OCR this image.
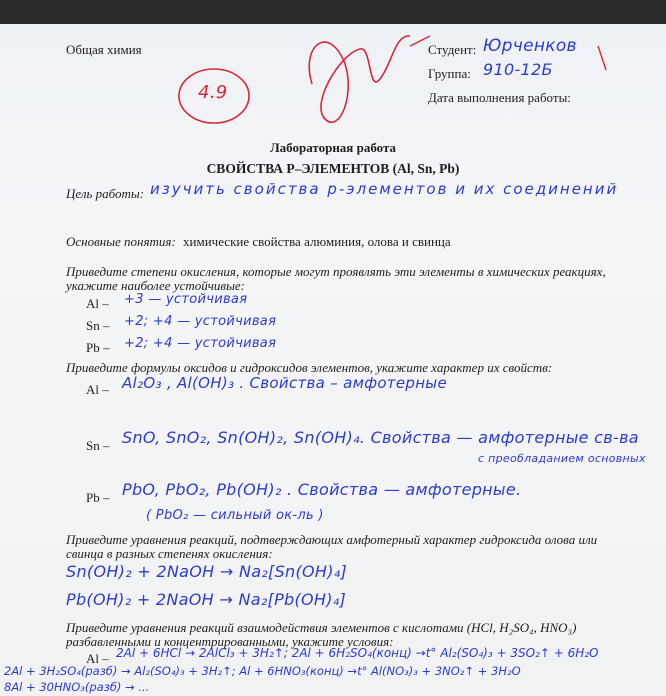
4.9
Общая химия	Студент: Юрченков
Группа: 910-12Б
Дата выполнения работы:
Лабораторная работа
СВОЙСТВА P–ЭЛЕМЕНТОВ (Al, Sn, Pb)
Цель работы: изучить свойства р-элементов и их соединений
Основные понятия: химические свойства алюминия, олова и свинца
Приведите степени окисления, которые могут проявлять эти элементы в химических реакциях,
укажите наиболее устойчивые:
Al – +3 — устойчивая
Sn – +2; +4 — устойчивая
Pb – +2; +4 — устойчивая
Приведите формулы оксидов и гидроксидов элементов, укажите характер их свойств:
Al – Al₂O₃ , Al(OH)₃ . Свойства – амфотерные
Sn – SnO, SnO₂, Sn(OH)₂, Sn(OH)₄. Свойства — амфотерные св-ва
с преобладанием основных
Pb – PbO, PbO₂, Pb(OH)₂ . Свойства — амфотерные.
( PbO₂ — сильный ок-ль )
Приведите уравнения реакций, подтверждающих амфотерный характер гидроксида олова или
свинца в разных степенях окисления:
Sn(OH)₂ + 2NaOH → Na₂[Sn(OH)₄]
Pb(OH)₂ + 2NaOH → Na₂[Pb(OH)₄]
Приведите уравнения реакций взаимодействия элементов с кислотами (HCl, H₂SO₄, HNO₃)
разбавленными и концентрированными, укажите условия:
Al – 2Al + 6HCl → 2AlCl₃ + 3H₂↑; 2Al + 6H₂SO₄(конц) →t° Al₂(SO₄)₃ + 3SO₂↑ + 6H₂O
2Al + 3H₂SO₄(разб) → Al₂(SO₄)₃ + 3H₂↑; Al + 6HNO₃(конц) →t° Al(NO₃)₃ + 3NO₂↑ + 3H₂O
8Al + 30HNO₃(разб) → ...
